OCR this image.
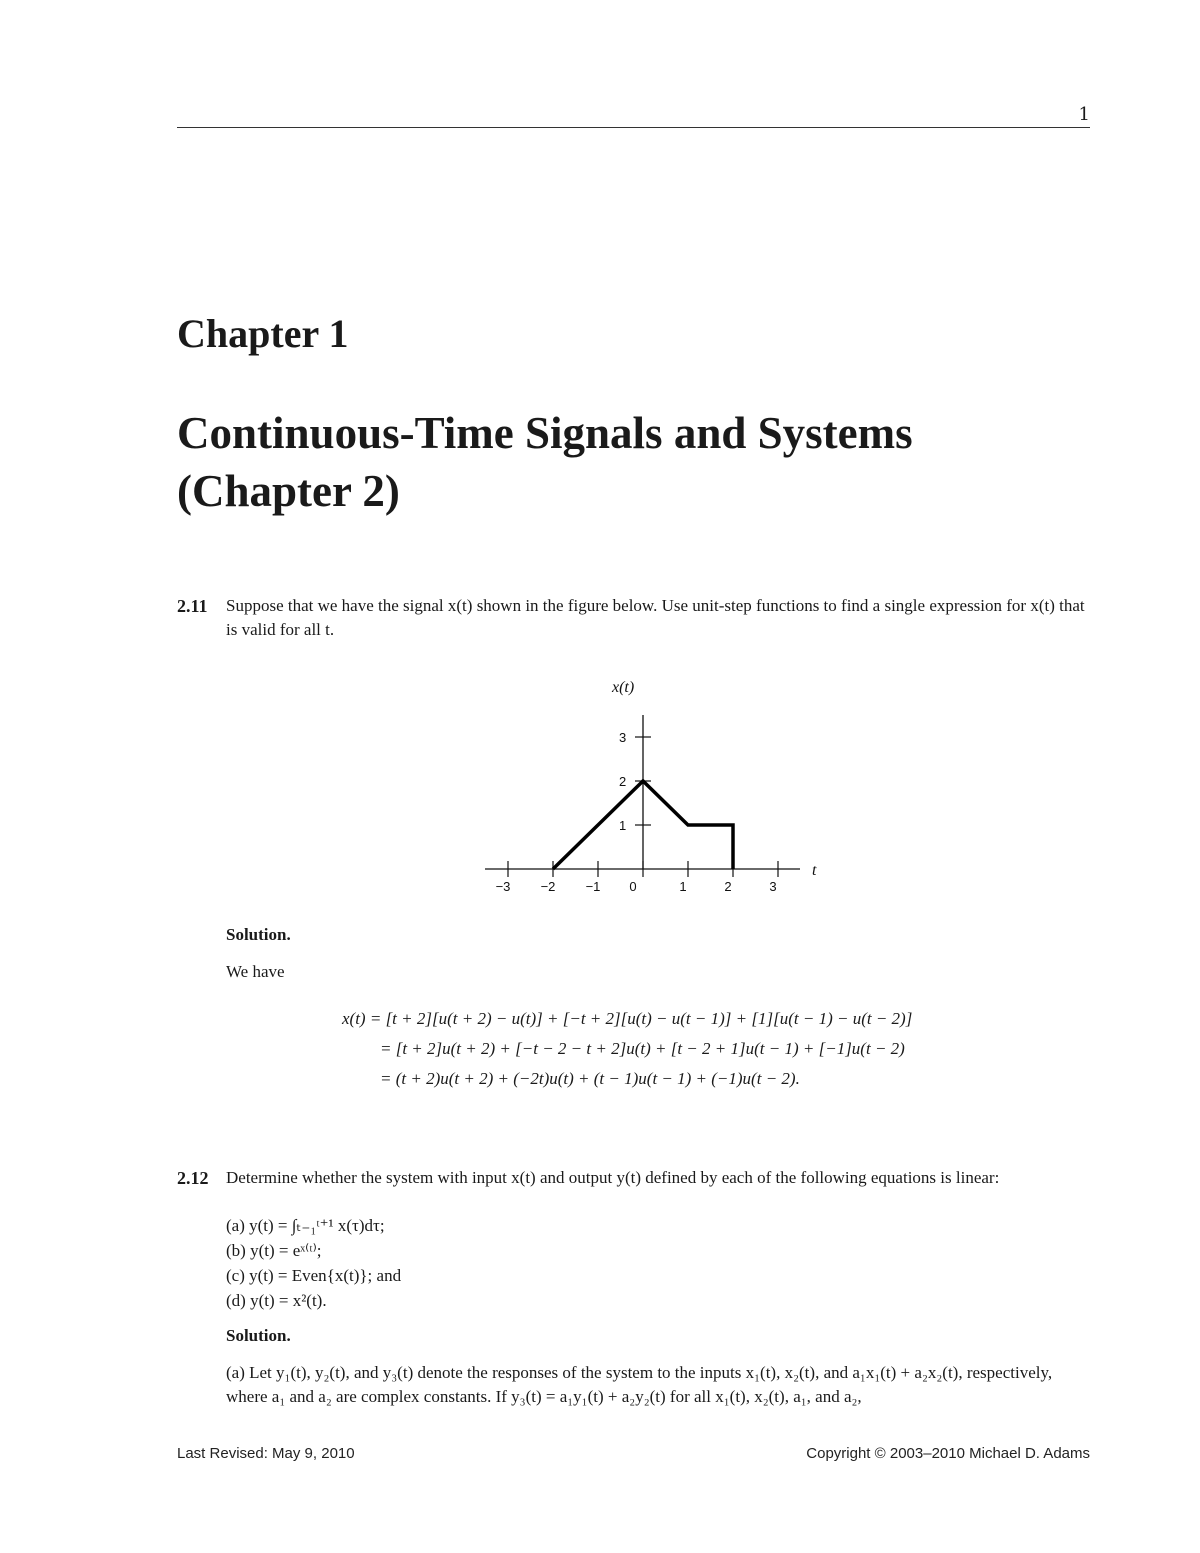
1
Chapter 1
Continuous-Time Signals and Systems (Chapter 2)
2.11 Suppose that we have the signal x(t) shown in the figure below. Use unit-step functions to find a single expression for x(t) that is valid for all t.
x(t)
t
−3 −2 −1 0	1	2	3
1
2
3
Solution.
We have
x(t) = [t + 2][u(t + 2) − u(t)] + [−t + 2][u(t) − u(t − 1)] + [1][u(t − 1) − u(t − 2)]
= [t + 2]u(t + 2) + [−t − 2 − t + 2]u(t) + [t − 2 + 1]u(t − 1) + [−1]u(t − 2)
= (t + 2)u(t + 2) + (−2t)u(t) + (t − 1)u(t − 1) + (−1)u(t − 2).
2.12 Determine whether the system with input x(t) and output y(t) defined by each of the following equations is linear:
(a) y(t) = ∫ₜ₋₁ᵗ⁺¹ x(τ)dτ;
(b) y(t) = eˣ⁽ᵗ⁾;
(c) y(t) = Even{x(t)}; and
(d) y(t) = x²(t).
Solution.
(a) Let y₁(t), y₂(t), and y₃(t) denote the responses of the system to the inputs x₁(t), x₂(t), and a₁x₁(t) + a₂x₂(t), respectively, where a₁ and a₂ are complex constants. If y₃(t) = a₁y₁(t) + a₂y₂(t) for all x₁(t), x₂(t), a₁, and a₂,
Last Revised: May 9, 2010	Copyright © 2003–2010 Michael D. Adams
